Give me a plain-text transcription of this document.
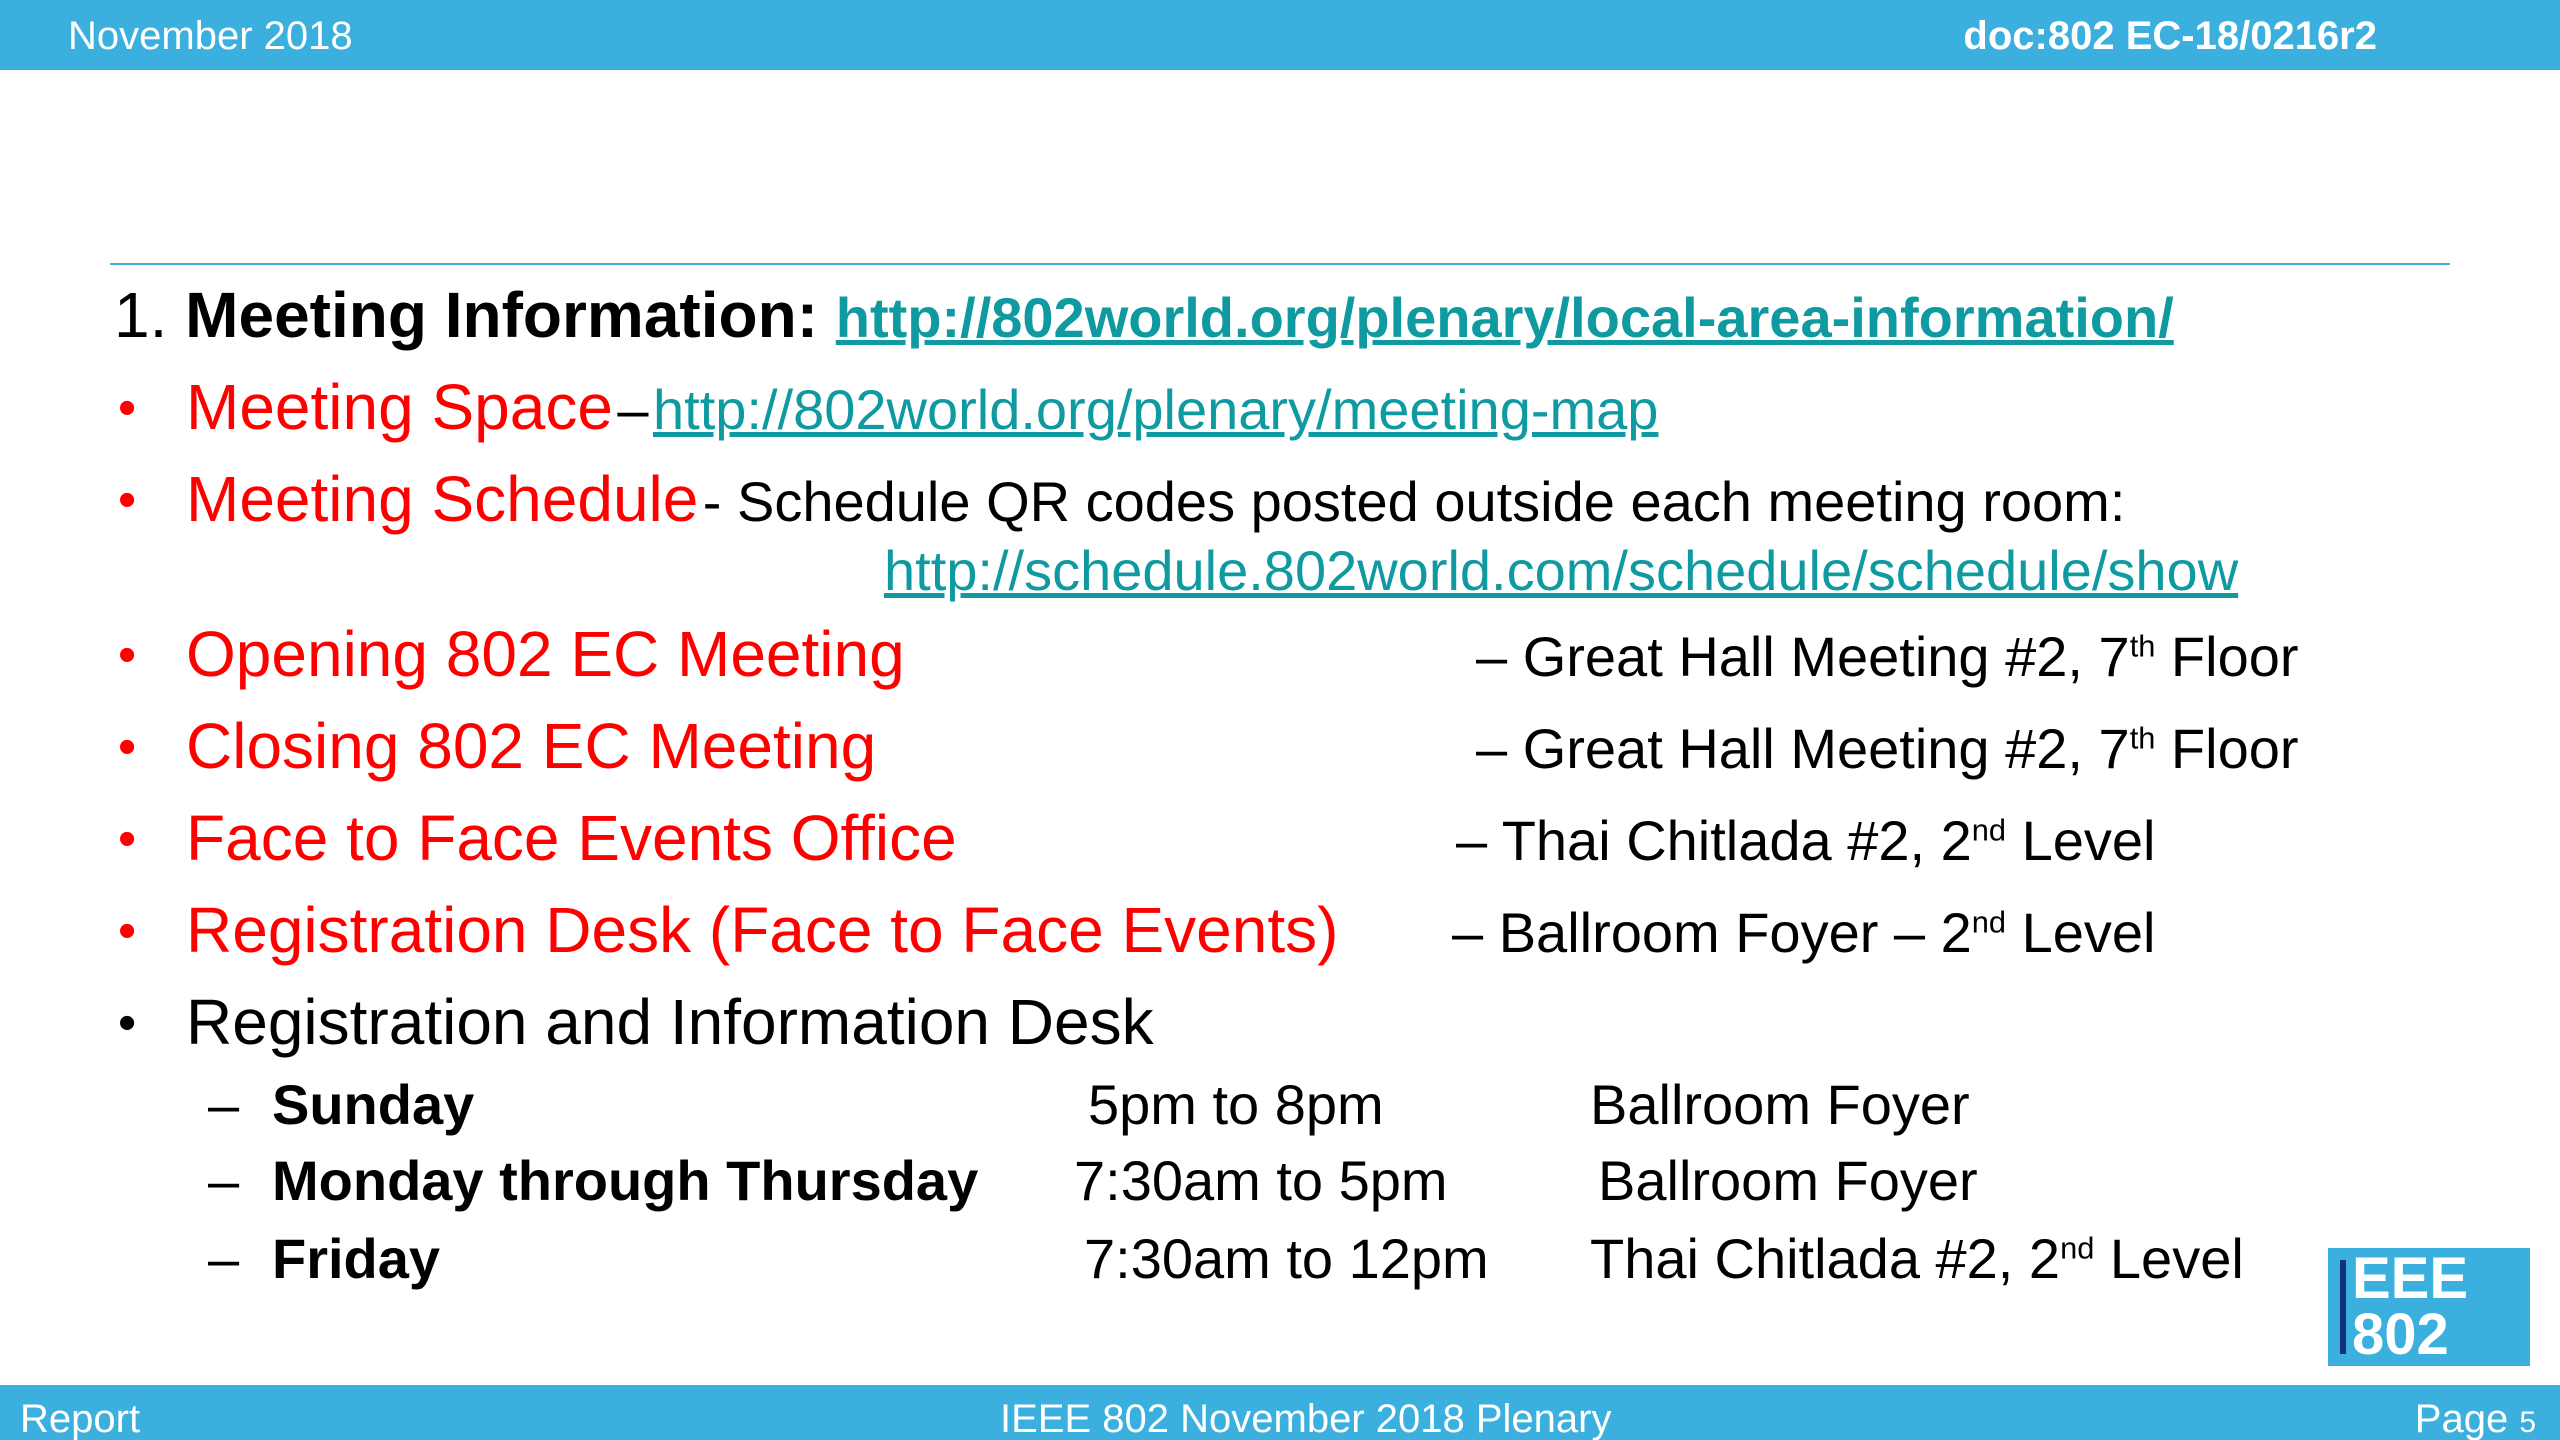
November 2018	doc:802 EC-18/0216r2
1. Meeting Information: http://802world.org/plenary/local-area-information/
• Meeting Space – http://802world.org/plenary/meeting-map
• Meeting Schedule - Schedule QR codes posted outside each meeting room:
http://schedule.802world.com/schedule/schedule/show
• Opening 802 EC Meeting	– Great Hall Meeting #2, 7th Floor
• Closing 802 EC Meeting	– Great Hall Meeting #2, 7th Floor
• Face to Face Events Office	– Thai Chitlada #2, 2nd Level
• Registration Desk (Face to Face Events) – Ballroom Foyer – 2nd Level
• Registration and Information Desk
– Sunday	5pm to 8pm	Ballroom Foyer
– Monday through Thursday 7:30am to 5pm	Ballroom Foyer
– Friday	7:30am to 12pm Thai Chitlada #2, 2nd Level EEE
802
Report	IEEE 802 November 2018 Plenary	Page 5
